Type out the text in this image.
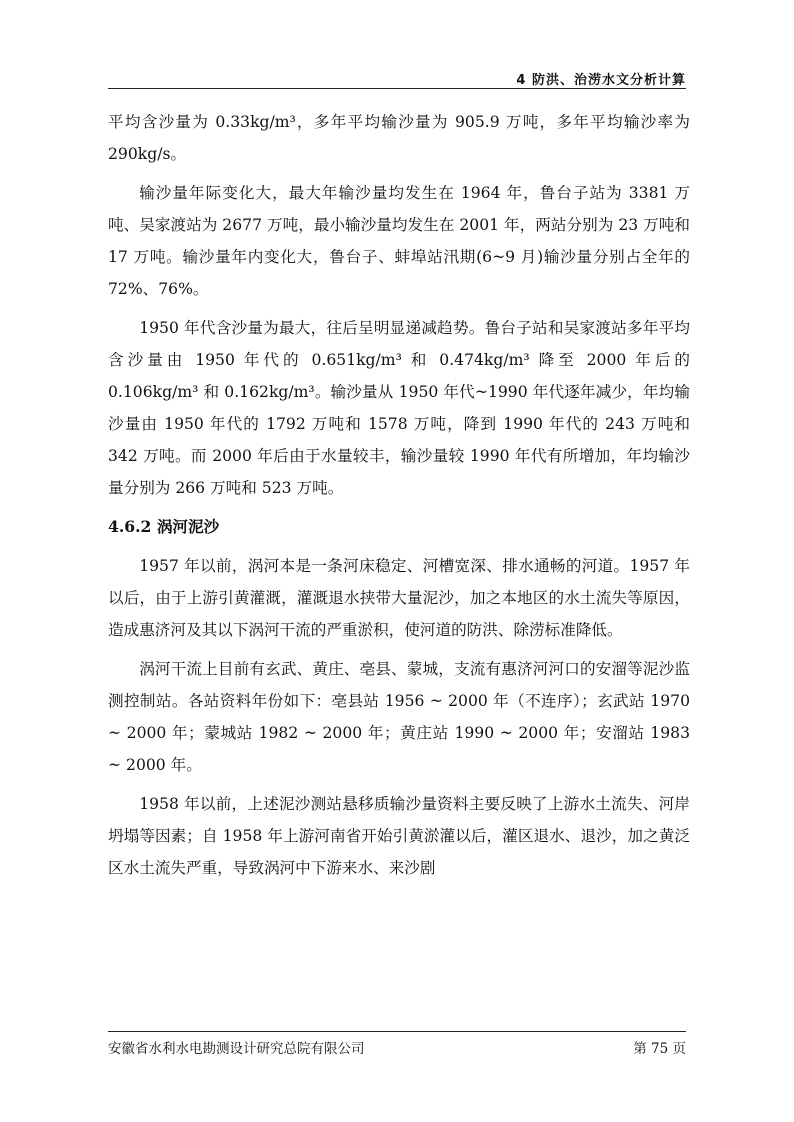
4 防洪、治涝水文分析计算

平均含沙量为 0.33kg/m³，多年平均输沙量为 905.9 万吨，多年平均输沙率为 290kg/s。

输沙量年际变化大，最大年输沙量均发生在 1964 年，鲁台子站为 3381 万吨、吴家渡站为 2677 万吨，最小输沙量均发生在 2001 年，两站分别为 23 万吨和 17 万吨。输沙量年内变化大，鲁台子、蚌埠站汛期(6~9 月)输沙量分别占全年的 72%、76%。

1950 年代含沙量为最大，往后呈明显递减趋势。鲁台子站和吴家渡站多年平均含沙量由 1950 年代的 0.651kg/m³ 和 0.474kg/m³ 降至 2000 年后的 0.106kg/m³ 和 0.162kg/m³。输沙量从 1950 年代~1990 年代逐年减少，年均输沙量由 1950 年代的 1792 万吨和 1578 万吨，降到 1990 年代的 243 万吨和 342 万吨。而 2000 年后由于水量较丰，输沙量较 1990 年代有所增加，年均输沙量分别为 266 万吨和 523 万吨。

4.6.2 涡河泥沙

1957 年以前，涡河本是一条河床稳定、河槽宽深、排水通畅的河道。1957 年以后，由于上游引黄灌溉，灌溉退水挟带大量泥沙，加之本地区的水土流失等原因，造成惠济河及其以下涡河干流的严重淤积，使河道的防洪、除涝标准降低。

涡河干流上目前有玄武、黄庄、亳县、蒙城，支流有惠济河河口的安溜等泥沙监测控制站。各站资料年份如下：亳县站 1956 ~ 2000 年（不连序）；玄武站 1970 ~ 2000 年；蒙城站 1982 ~ 2000 年；黄庄站 1990 ~ 2000 年；安溜站 1983 ~ 2000 年。

1958 年以前，上述泥沙测站悬移质输沙量资料主要反映了上游水土流失、河岸坍塌等因素；自 1958 年上游河南省开始引黄淤灌以后，灌区退水、退沙，加之黄泛区水土流失严重，导致涡河中下游来水、来沙剧

安徽省水利水电勘测设计研究总院有限公司	第 75 页
